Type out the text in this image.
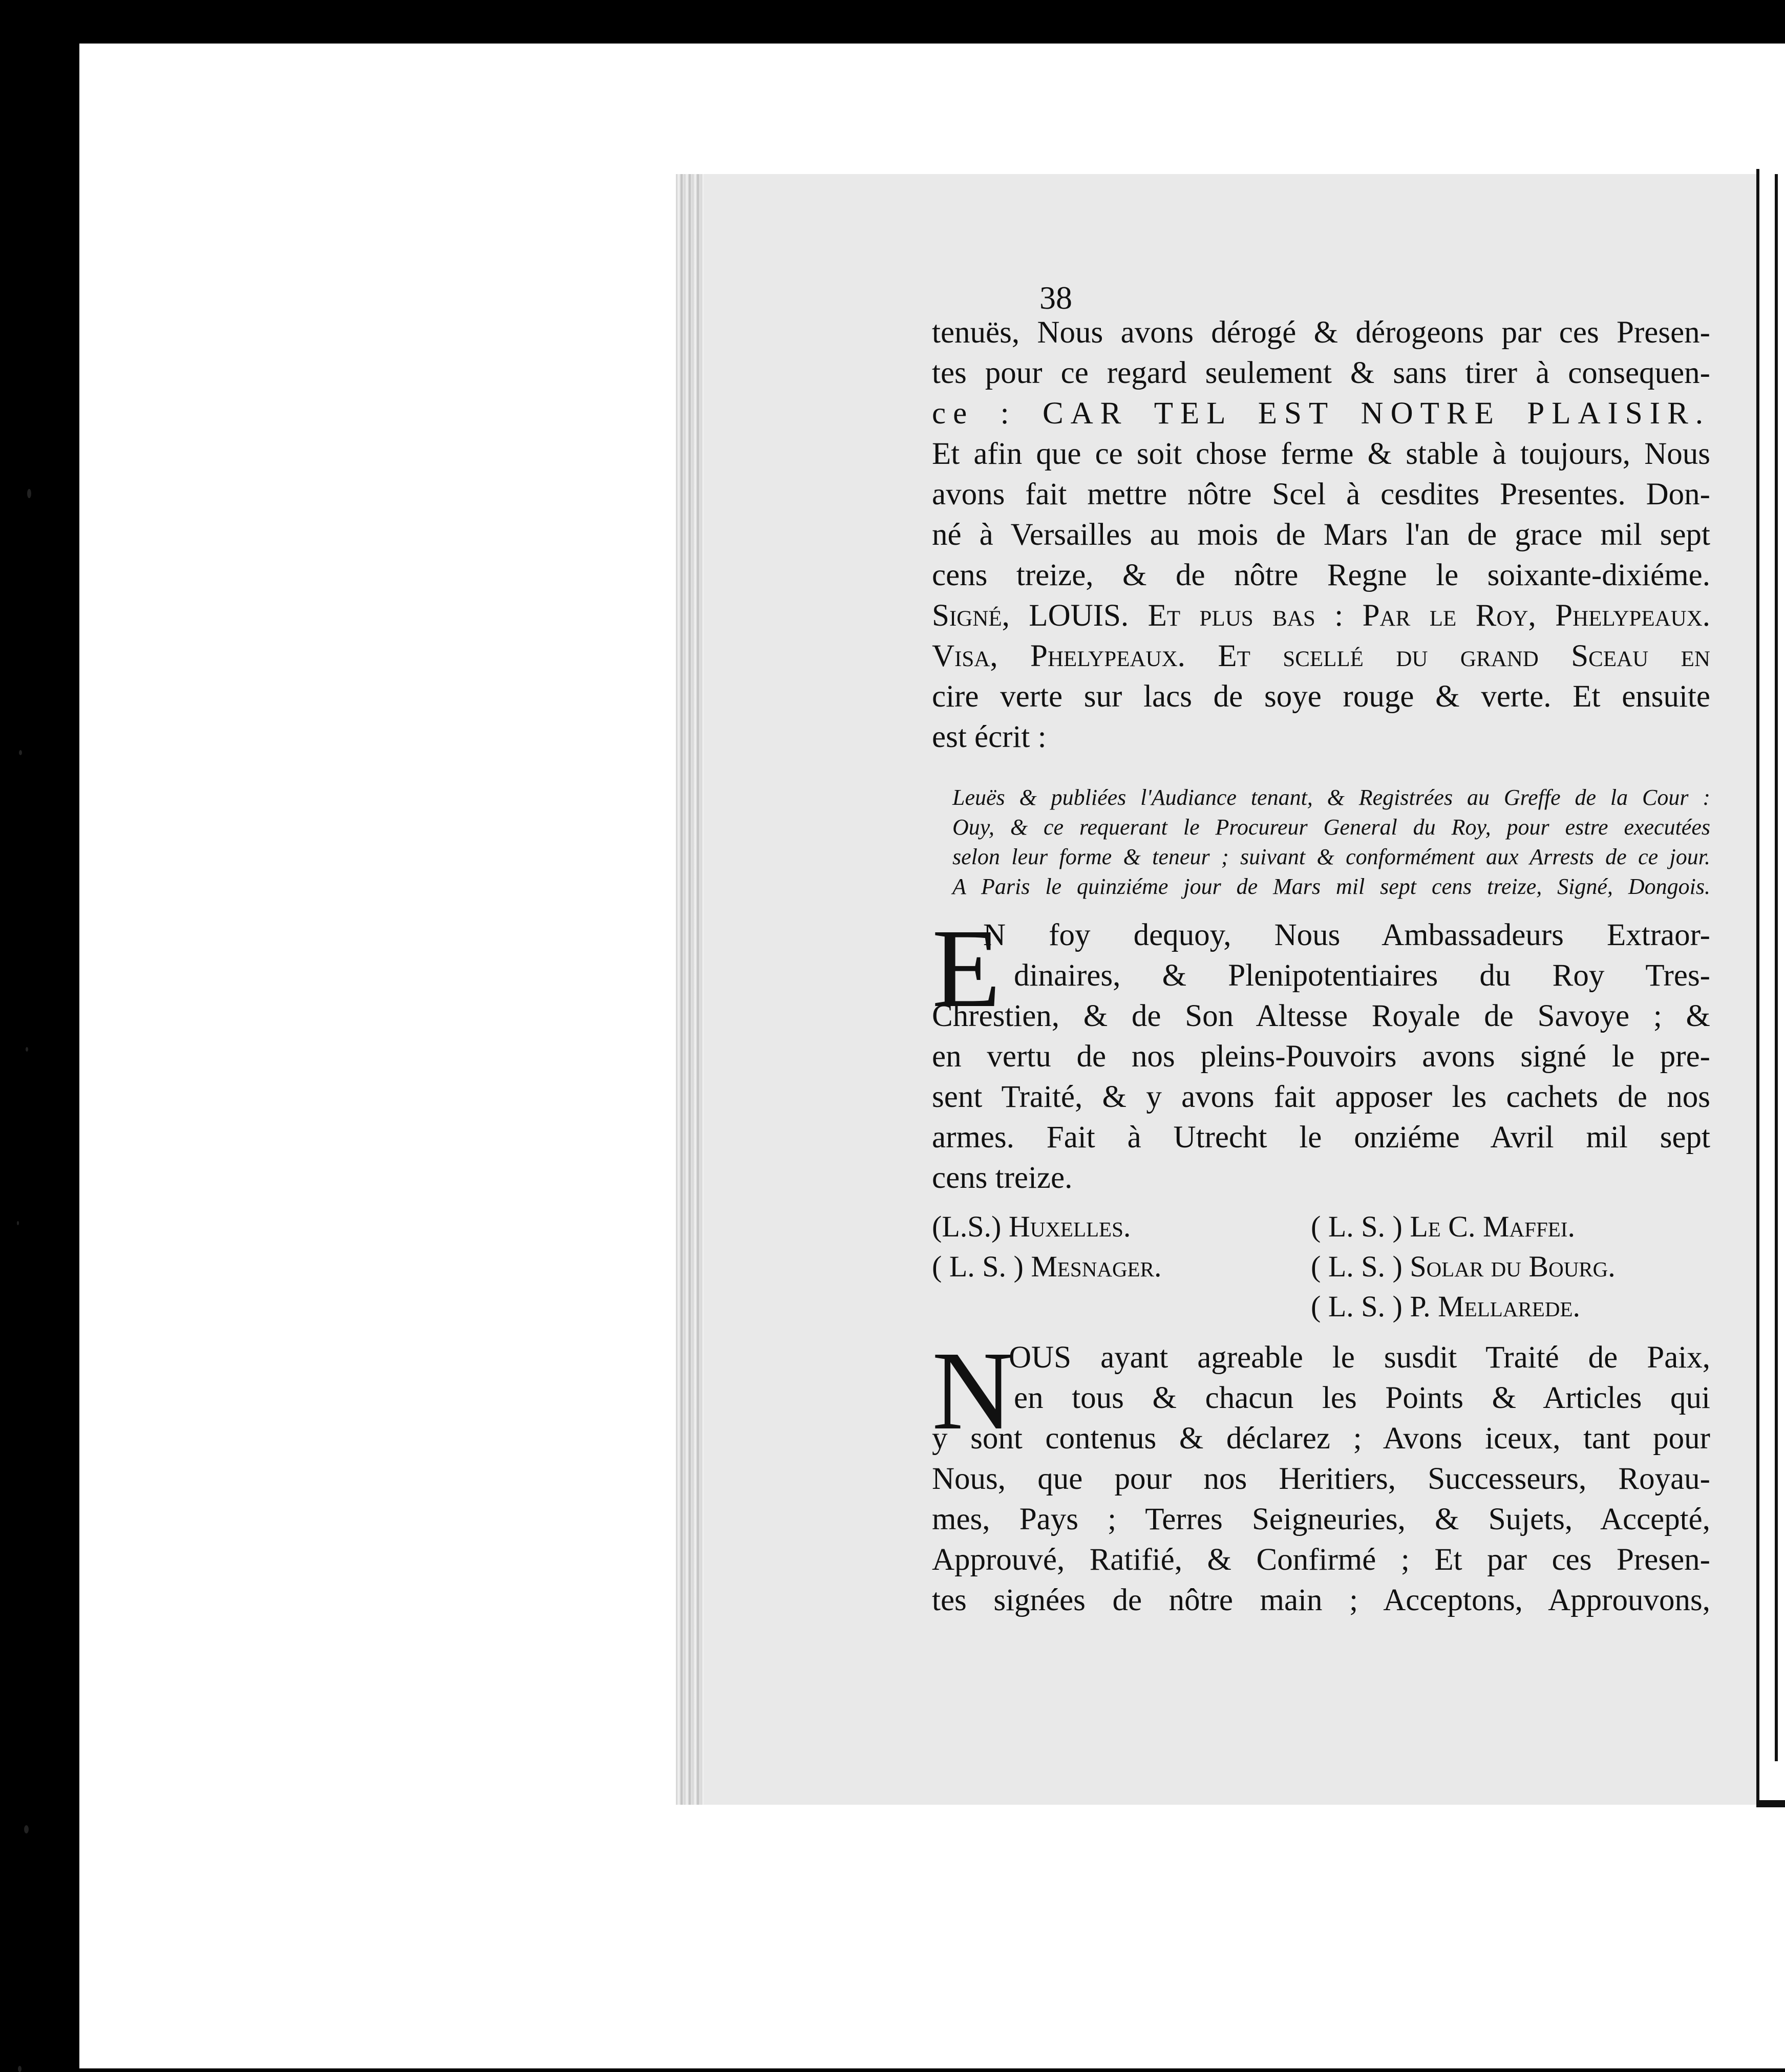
38
tenuës, Nous avons dérogé & dérogeons par ces Presen-
tes pour ce regard seulement & sans tirer à consequen-
ce : CAR TEL EST NOTRE PLAISIR.
Et afin que ce soit chose ferme & stable à toujours, Nous
avons fait mettre nôtre Scel à cesdites Presentes. Don-
né à Versailles au mois de Mars l'an de grace mil sept
cens treize, & de nôtre Regne le soixante-dixiéme.
Signé, LOUIS. Et plus bas : Par le Roy, Phelypeaux.
Visa, Phelypeaux. Et scellé du grand Sceau en
cire verte sur lacs de soye rouge & verte. Et ensuite
est écrit :
Leuës & publiées l'Audiance tenant, & Registrées au Greffe de la Cour :
Ouy, & ce requerant le Procureur General du Roy, pour estre executées
selon leur forme & teneur ; suivant & conformément aux Arrests de ce jour.
A Paris le quinziéme jour de Mars mil sept cens treize, Signé, Dongois.
E
N foy dequoy, Nous Ambassadeurs Extraor-
dinaires, & Plenipotentiaires du Roy Tres-
Chrestien, & de Son Altesse Royale de Savoye ; &
en vertu de nos pleins-Pouvoirs avons signé le pre-
sent Traité, & y avons fait apposer les cachets de nos
armes. Fait à Utrecht le onziéme Avril mil sept
cens treize.
(L.S.) Huxelles.	( L. S. ) Le C. Maffei.
( L. S. ) Mesnager.	( L. S. ) Solar du Bourg.
( L. S. ) P. Mellarede.
N
OUS ayant agreable le susdit Traité de Paix,
en tous & chacun les Points & Articles qui
y sont contenus & déclarez ; Avons iceux, tant pour
Nous, que pour nos Heritiers, Successeurs, Royau-
mes, Pays ; Terres Seigneuries, & Sujets, Accepté,
Approuvé, Ratifié, & Confirmé ; Et par ces Presen-
tes signées de nôtre main ; Acceptons, Approuvons,
